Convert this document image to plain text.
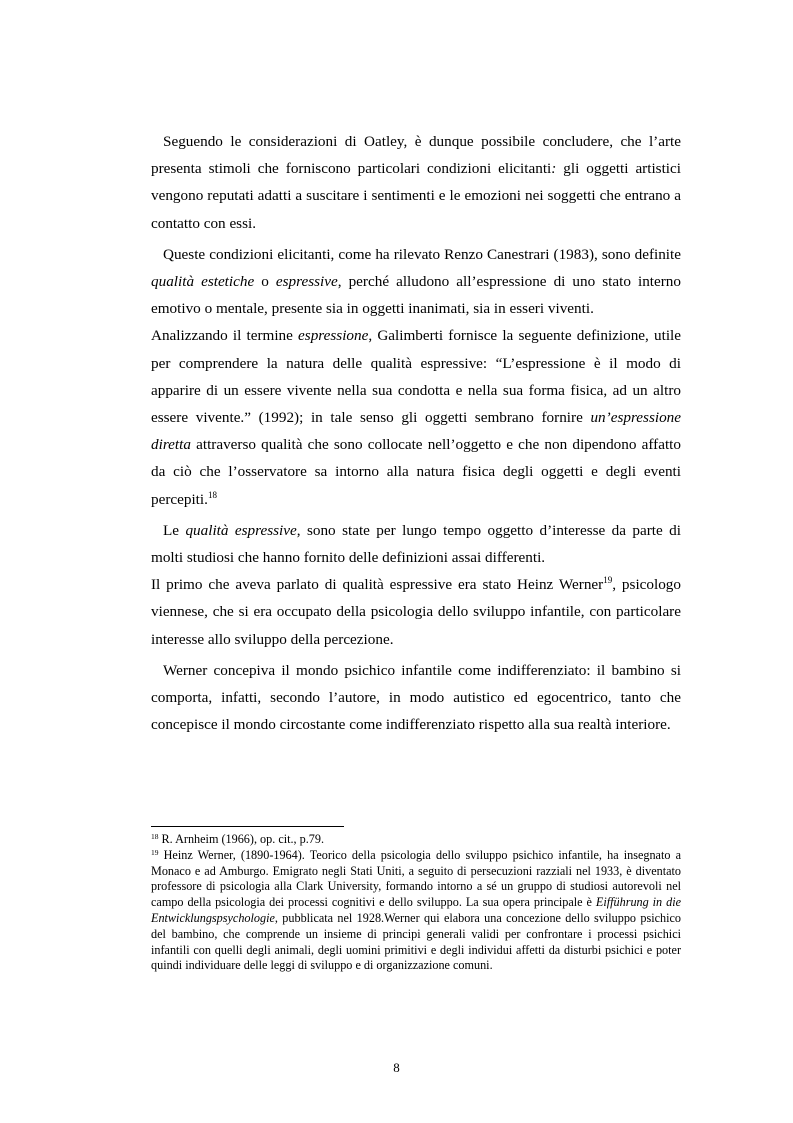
Seguendo le considerazioni di Oatley, è dunque possibile concludere, che l’arte presenta stimoli che forniscono particolari condizioni elicitanti: gli oggetti artistici vengono reputati adatti a suscitare i sentimenti e le emozioni nei soggetti che entrano a contatto con essi.

Queste condizioni elicitanti, come ha rilevato Renzo Canestrari (1983), sono definite qualità estetiche o espressive, perché alludono all’espressione di uno stato interno emotivo o mentale, presente sia in oggetti inanimati, sia in esseri viventi.

Analizzando il termine espressione, Galimberti fornisce la seguente definizione, utile per comprendere la natura delle qualità espressive: “L’espressione è il modo di apparire di un essere vivente nella sua condotta e nella sua forma fisica, ad un altro essere vivente.” (1992); in tale senso gli oggetti sembrano fornire un’espressione diretta attraverso qualità che sono collocate nell’oggetto e che non dipendono affatto da ciò che l’osservatore sa intorno alla natura fisica degli oggetti e degli eventi percepiti.$^{18}$

Le qualità espressive, sono state per lungo tempo oggetto d’interesse da parte di molti studiosi che hanno fornito delle definizioni assai differenti.

Il primo che aveva parlato di qualità espressive era stato Heinz Werner$^{19}$, psicologo viennese, che si era occupato della psicologia dello sviluppo infantile, con particolare interesse allo sviluppo della percezione.

Werner concepiva il mondo psichico infantile come indifferenziato: il bambino si comporta, infatti, secondo l’autore, in modo autistico ed egocentrico, tanto che concepisce il mondo circostante come indifferenziato rispetto alla sua realtà interiore.

$^{18}$ R. Arnheim (1966), op. cit., p.79.

$^{19}$ Heinz Werner, (1890-1964). Teorico della psicologia dello sviluppo psichico infantile, ha insegnato a Monaco e ad Amburgo. Emigrato negli Stati Uniti, a seguito di persecuzioni razziali nel 1933, è diventato professore di psicologia alla Clark University, formando intorno a sé un gruppo di studiosi autorevoli nel campo della psicologia dei processi cognitivi e dello sviluppo. La sua opera principale è Eifführung in die Entwicklungspsychologie, pubblicata nel 1928.Werner qui elabora una concezione dello sviluppo psichico del bambino, che comprende un insieme di principi generali validi per confrontare i processi psichici infantili con quelli degli animali, degli uomini primitivi e degli individui affetti da disturbi psichici e poter quindi individuare delle leggi di sviluppo e di organizzazione comuni.

8
